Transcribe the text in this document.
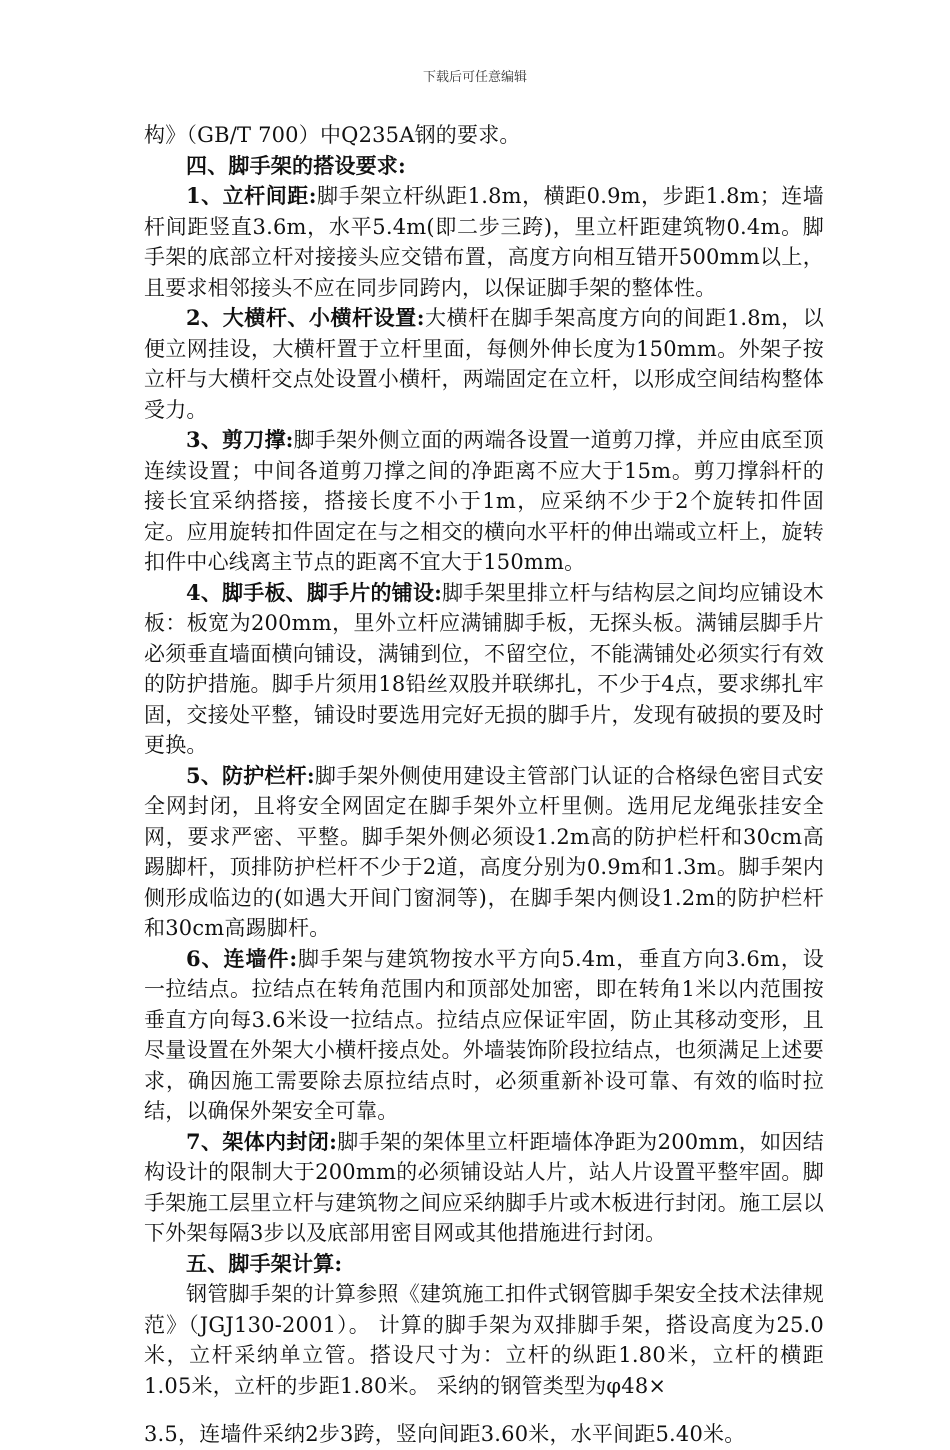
下载后可任意编辑

构》（GB/T 700）中Q235A钢的要求。

四、脚手架的搭设要求:

1、立杆间距:脚手架立杆纵距1.8m，横距0.9m，步距1.8m；连墙杆间距竖直3.6m，水平5.4m(即二步三跨)，里立杆距建筑物0.4m。脚手架的底部立杆对接接头应交错布置，高度方向相互错开500mm以上，且要求相邻接头不应在同步同跨内，以保证脚手架的整体性。

2、大横杆、小横杆设置:大横杆在脚手架高度方向的间距1.8m，以便立网挂设，大横杆置于立杆里面，每侧外伸长度为150mm。外架子按立杆与大横杆交点处设置小横杆，两端固定在立杆，以形成空间结构整体受力。

3、剪刀撑:脚手架外侧立面的两端各设置一道剪刀撑，并应由底至顶连续设置；中间各道剪刀撑之间的净距离不应大于15m。剪刀撑斜杆的接长宜采纳搭接，搭接长度不小于1m，应采纳不少于2个旋转扣件固定。应用旋转扣件固定在与之相交的横向水平杆的伸出端或立杆上，旋转扣件中心线离主节点的距离不宜大于150mm。

4、脚手板、脚手片的铺设:脚手架里排立杆与结构层之间均应铺设木板：板宽为200mm，里外立杆应满铺脚手板，无探头板。满铺层脚手片必须垂直墙面横向铺设，满铺到位，不留空位，不能满铺处必须实行有效的防护措施。脚手片须用18铅丝双股并联绑扎，不少于4点，要求绑扎牢固，交接处平整，铺设时要选用完好无损的脚手片，发现有破损的要及时更换。

5、防护栏杆:脚手架外侧使用建设主管部门认证的合格绿色密目式安全网封闭，且将安全网固定在脚手架外立杆里侧。选用尼龙绳张挂安全网，要求严密、平整。脚手架外侧必须设1.2m高的防护栏杆和30cm高踢脚杆，顶排防护栏杆不少于2道，高度分别为0.9m和1.3m。脚手架内侧形成临边的(如遇大开间门窗洞等)，在脚手架内侧设1.2m的防护栏杆和30cm高踢脚杆。

6、连墙件:脚手架与建筑物按水平方向5.4m，垂直方向3.6m，设一拉结点。拉结点在转角范围内和顶部处加密，即在转角1米以内范围按垂直方向每3.6米设一拉结点。拉结点应保证牢固，防止其移动变形，且尽量设置在外架大小横杆接点处。外墙装饰阶段拉结点，也须满足上述要求，确因施工需要除去原拉结点时，必须重新补设可靠、有效的临时拉结，以确保外架安全可靠。

7、架体内封闭:脚手架的架体里立杆距墙体净距为200mm，如因结构设计的限制大于200mm的必须铺设站人片，站人片设置平整牢固。脚手架施工层里立杆与建筑物之间应采纳脚手片或木板进行封闭。施工层以下外架每隔3步以及底部用密目网或其他措施进行封闭。

五、脚手架计算:

钢管脚手架的计算参照《建筑施工扣件式钢管脚手架安全技术法律规范》（JGJ130-2001）。 计算的脚手架为双排脚手架，搭设高度为25.0米，立杆采纳单立管。搭设尺寸为：立杆的纵距1.80米，立杆的横距1.05米，立杆的步距1.80米。 采纳的钢管类型为φ48×

3.5，连墙件采纳2步3跨，竖向间距3.60米，水平间距5.40米。
